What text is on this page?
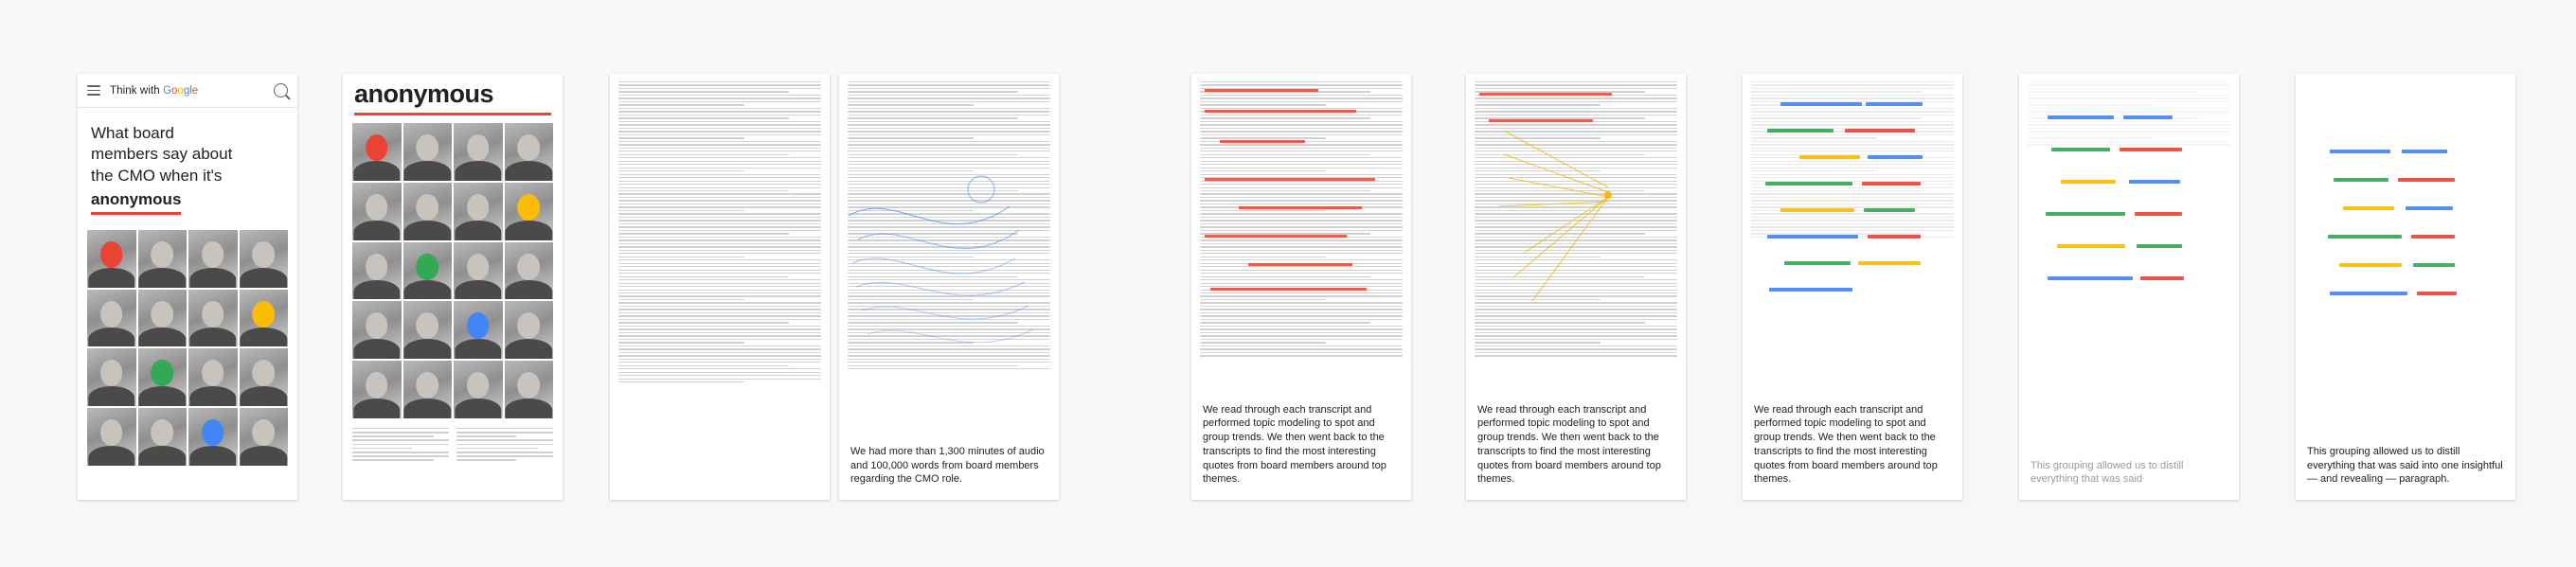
Think with Google
What board
members say about
the CMO when it's
anonymous
anonymous
We had more than 1,300 minutes of audio and 100,000 words from board members regarding the CMO role.
We read through each transcript and performed topic modeling to spot and group trends. We then went back to the transcripts to find the most interesting quotes from board members around top themes.
We read through each transcript and performed topic modeling to spot and group trends. We then went back to the transcripts to find the most interesting quotes from board members around top themes.
We read through each transcript and performed topic modeling to spot and group trends. We then went back to the transcripts to find the most interesting quotes from board members around top themes.
This grouping allowed us to distill everything that was said
This grouping allowed us to distill everything that was said into one insightful — and revealing — paragraph.
